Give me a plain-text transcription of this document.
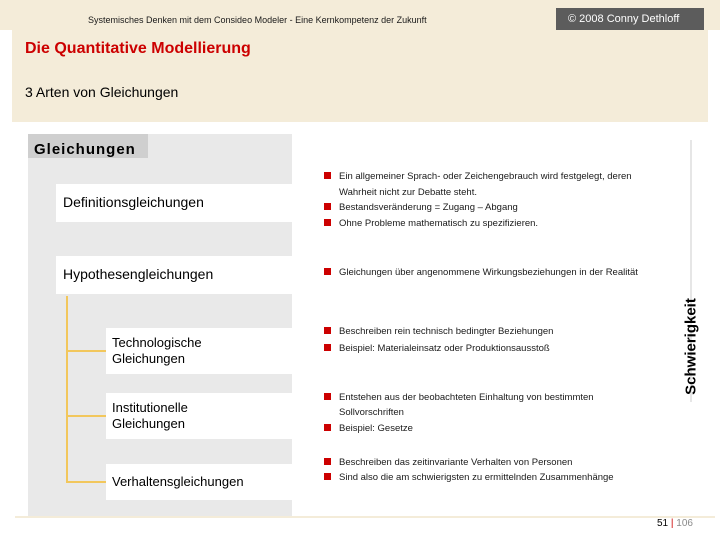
Systemisches Denken mit dem Consideo Modeler - Eine Kernkompetenz der Zukunft	© 2008 Conny Dethloff
Die Quantitative Modellierung
3 Arten von Gleichungen
Gleichungen
Definitionsgleichungen
Hypothesengleichungen
Technologische Gleichungen
Institutionelle Gleichungen
Verhaltensgleichungen
Ein allgemeiner Sprach- oder Zeichengebrauch wird festgelegt, deren
Wahrheit nicht zur Debatte steht.
Bestandsveränderung = Zugang – Abgang
Ohne Probleme mathematisch zu spezifizieren.
Gleichungen über angenommene Wirkungsbeziehungen in der Realität
Beschreiben rein technisch bedingter Beziehungen
Beispiel: Materialeinsatz oder Produktionsausstoß
Entstehen aus der beobachteten Einhaltung von bestimmten
Sollvorschriften
Beispiel: Gesetze
Beschreiben das zeitinvariante Verhalten von Personen
Sind also die am schwierigsten zu ermittelnden Zusammenhänge
Schwierigkeit
51 | 106
